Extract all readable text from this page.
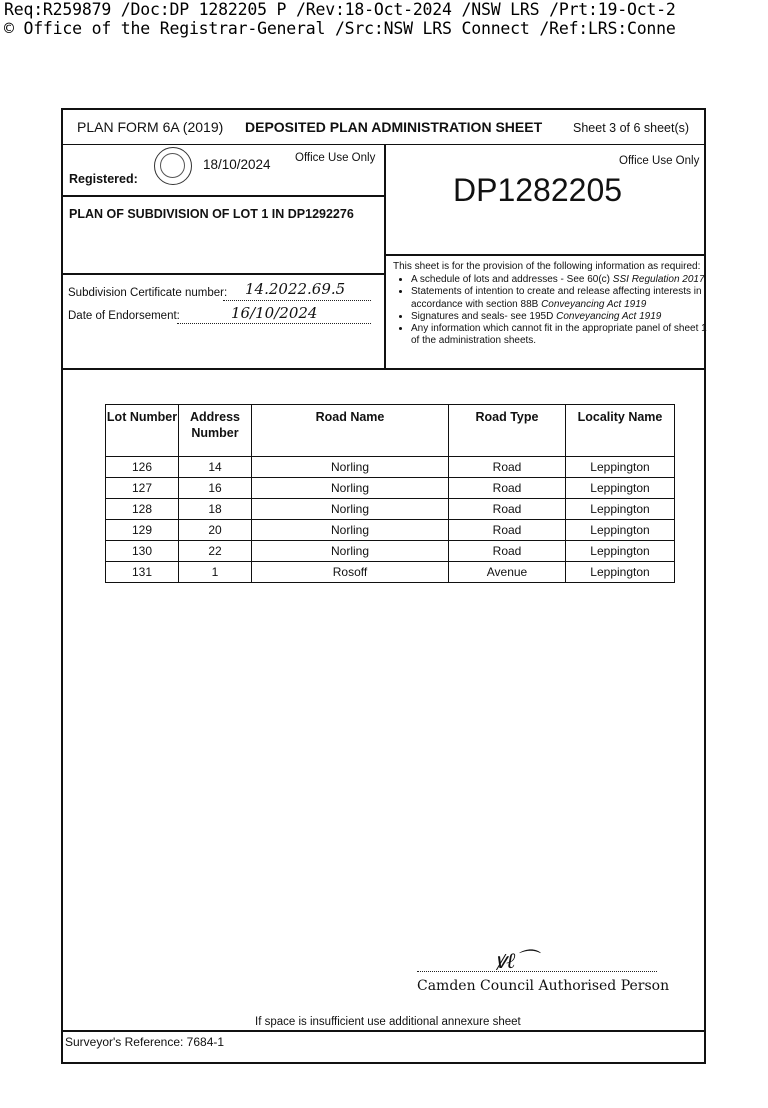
Req:R259879 /Doc:DP 1282205 P /Rev:18-Oct-2024 /NSW LRS /Prt:19-Oct-2
© Office of the Registrar-General /Src:NSW LRS Connect /Ref:LRS:Conne
PLAN FORM 6A (2019) DEPOSITED PLAN ADMINISTRATION SHEET Sheet 3 of 6 sheet(s)
18/10/2024 Office Use Only
Registered:
PLAN OF SUBDIVISION OF LOT 1 IN DP1292276
Office Use Only
DP1282205
Subdivision Certificate number: 14.2022.69.5
Date of Endorsement:	16/10/2024
This sheet is for the provision of the following information as required:
• A schedule of lots and addresses - See 60(c) SSI Regulation 2017
• Statements of intention to create and release affecting interests in accordance with section 88B Conveyancing Act 1919
• Signatures and seals- see 195D Conveyancing Act 1919
• Any information which cannot fit in the appropriate panel of sheet 1 of the administration sheets.
Lot Number	Address Number	Road Name	Road Type	Locality Name
126	14	Norling	Road	Leppington
127	16	Norling	Road	Leppington
128	18	Norling	Road	Leppington
129	20	Norling	Road	Leppington
130	22	Norling	Road	Leppington
131	1	Rosoff	Avenue	Leppington
ꝟℓ⌒
Camden Council Authorised Person
If space is insufficient use additional annexure sheet
Surveyor's Reference: 7684-1
